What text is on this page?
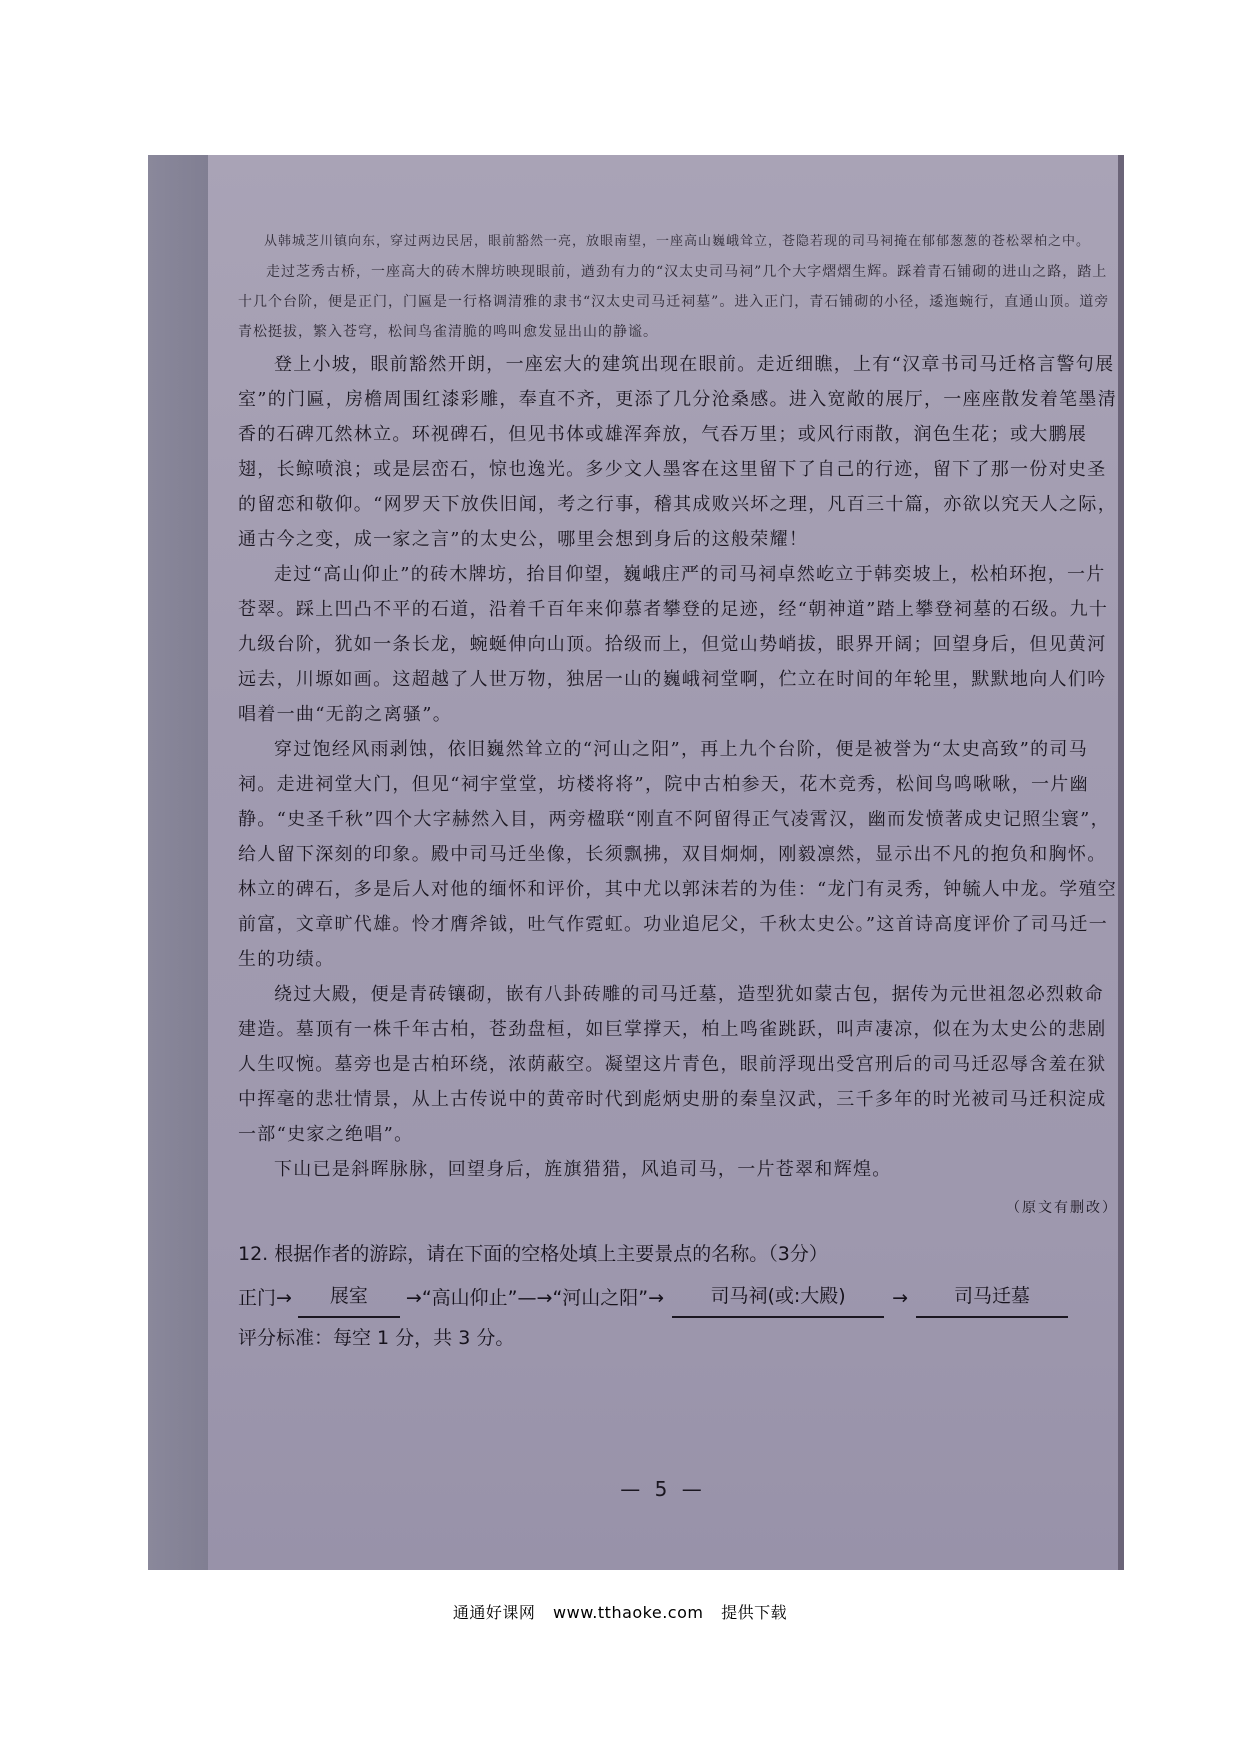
从韩城芝川镇向东，穿过两边民居，眼前豁然一亮，放眼南望，一座高山巍峨耸立，苍隐若现的司马祠掩在郁郁葱葱的苍松翠柏之中。

走过芝秀古桥，一座高大的砖木牌坊映现眼前，遒劲有力的“汉太史司马祠”几个大字熠熠生辉。踩着青石铺砌的进山之路，踏上十几个台阶，便是正门，门匾是一行格调清雅的隶书“汉太史司马迁祠墓”。进入正门，青石铺砌的小径，逶迤蜿行，直通山顶。道旁青松挺拔，繁入苍穹，松间鸟雀清脆的鸣叫愈发显出山的静谧。

登上小坡，眼前豁然开朗，一座宏大的建筑出现在眼前。走近细瞧，上有“汉章书司马迁格言警句展室”的门匾，房檐周围红漆彩雕，奉直不齐，更添了几分沧桑感。进入宽敞的展厅，一座座散发着笔墨清香的石碑兀然林立。环视碑石，但见书体或雄浑奔放，气吞万里；或风行雨散，润色生花；或大鹏展翅，长鲸喷浪；或是层峦石，惊也逸光。多少文人墨客在这里留下了自己的行迹，留下了那一份对史圣的留恋和敬仰。“网罗天下放佚旧闻，考之行事，稽其成败兴坏之理，凡百三十篇，亦欲以究天人之际，通古今之变，成一家之言”的太史公，哪里会想到身后的这般荣耀！

走过“高山仰止”的砖木牌坊，抬目仰望，巍峨庄严的司马祠卓然屹立于韩奕坡上，松柏环抱，一片苍翠。踩上凹凸不平的石道，沿着千百年来仰慕者攀登的足迹，经“朝神道”踏上攀登祠墓的石级。九十九级台阶，犹如一条长龙，蜿蜒伸向山顶。拾级而上，但觉山势峭拔，眼界开阔；回望身后，但见黄河远去，川塬如画。这超越了人世万物，独居一山的巍峨祠堂啊，伫立在时间的年轮里，默默地向人们吟唱着一曲“无韵之离骚”。

穿过饱经风雨剥蚀，依旧巍然耸立的“河山之阳”，再上九个台阶，便是被誉为“太史高致”的司马祠。走进祠堂大门，但见“祠宇堂堂，坊楼将将”，院中古柏参天，花木竞秀，松间鸟鸣啾啾，一片幽静。“史圣千秋”四个大字赫然入目，两旁楹联“刚直不阿留得正气凌霄汉，幽而发愤著成史记照尘寰”，给人留下深刻的印象。殿中司马迁坐像，长须飘拂，双目炯炯，刚毅凛然，显示出不凡的抱负和胸怀。林立的碑石，多是后人对他的缅怀和评价，其中尤以郭沫若的为佳：“龙门有灵秀，钟毓人中龙。学殖空前富，文章旷代雄。怜才膺斧钺，吐气作霓虹。功业追尼父，千秋太史公。”这首诗高度评价了司马迁一生的功绩。

绕过大殿，便是青砖镶砌，嵌有八卦砖雕的司马迁墓，造型犹如蒙古包，据传为元世祖忽必烈敕命建造。墓顶有一株千年古柏，苍劲盘桓，如巨掌撑天，柏上鸣雀跳跃，叫声凄凉，似在为太史公的悲剧人生叹惋。墓旁也是古柏环绕，浓荫蔽空。凝望这片青色，眼前浮现出受宫刑后的司马迁忍辱含羞在狱中挥毫的悲壮情景，从上古传说中的黄帝时代到彪炳史册的秦皇汉武，三千多年的时光被司马迁积淀成一部“史家之绝唱”。

下山已是斜晖脉脉，回望身后，旌旗猎猎，风追司马，一片苍翠和辉煌。

（原文有删改）
12. 根据作者的游踪，请在下面的空格处填上主要景点的名称。（3分）
正门→	展室	→“高山仰止”—→“河山之阳”→	司马祠(或:大殿)	→	司马迁墓
评分标准：每空 1 分，共 3 分。
— 5 —
通通好课网 www.tthaoke.com 提供下载
